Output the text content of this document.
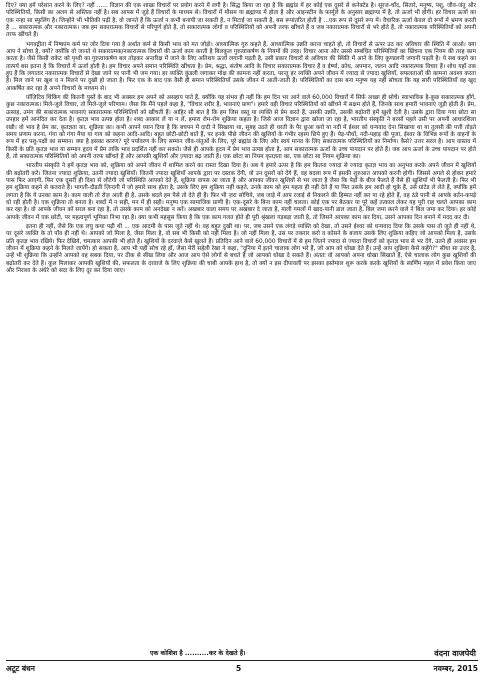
दिए? क्या हमें परेशान करने के लिए? नहीं ...... विज्ञान की एक शाखा विचारों पर प्रयोग करने में लगी है। सिद्ध किया जा रहा है कि ब्रह्मांड में हर कोई एक दूसरे से कनेक्टेड है। सूरज-चाँद, सितारे, मनुष्य, पशु, जीव-जंतु और परिस्थितियों, किसी का अलग से अस्तित्व नहीं है। सब आपस में जुड़े हैं विचारों के माध्यम से। विचारों में मौसम या ब्रह्माण्ड में होता है और आइन्स्टीन के फार्मूले के अनुसार ब्रह्माण्ड में है, तो ऊर्जा भी होगी। हर विचार ऊर्जा का एक नन्हा सा स्फुलिंग है। जिन्होंने भी भौतिकी पढ़ी है, वो जानते हैं कि ऊर्जा न कभी बनायी जा सकती है, न मिटाई जा सकती है, बस रूपांतरित होती है ...एक रूप से दूसरे रूप में। वैचारिक ऊर्जा केवल दो रूपों में भ्रमण करती है ... सकारात्मक और नकारात्मक। जब हम सकारात्मक विचारों से परिपूर्ण होते हैं, तो सकारात्मक लोगों व परिस्थितियों को अपनी तरफ खींचते हैं व जब नकारात्मक विचारों से भरे होते हैं, तो नकारात्मक परिस्थितियों को अपनी तरफ खींचते हैं।

भगवद्गीता में निष्काम कर्म पर जोर दिया गया है अर्थात कर्म से किसी भाव को मत जोड़ो। आध्यात्मिक गुरु कहते हैं, आध्यात्मिक उन्नति करना चाहते हो, तो विचारों से ऊपर उठ कर अविचार की स्थिति में आओ। क्या आप ने सोचा है, क्यों? क्योंकि वो जानते थे सकारात्मक/नकारात्मक विचारों की ऊर्जा काम करती है बिलकुल गुरुत्वाकर्षण के नियमों की तरह। विचार आना और उससे सम्बंधित परिस्थितियों का खिंचना एक नियम की तरह काम करता है। जैसे किसी राकेट को पृथ्वी का गुरुत्वाकर्षण बल तोड़कर अन्तरिक्ष में जाने के लिए अतिशय ऊर्जा लगानी पड़ती है, उसी प्रकार विचारों से अविचार की स्थिति में आने के लिए कुण्डलनी जगानी पड़ती है। ये सब कहने का तात्पर्य बस इतना है कि विचारों में ऊर्जा होती है। हम विचार अपने समान परिस्थिति खींचता है। प्रेम, श्रद्धा, संतोष आदि के विचार सकारात्मक विचार हैं व ईर्ष्या, क्रोध, अपमान, जलन आदि नकारात्मक विचार हैं। शोध यहाँ तक हुए हैं कि लगातार नकारात्मक विचारों से देखा जाने पर पानी भी जम गया। हर व्यक्ति कुंडली जगाकर मोक्ष की कामना नहीं करता, परन्तु हर व्यक्ति अपने जीवन में ज्यादा से ज्यादा खुशियाँ, सफलताओं की कामना अवश्य करता है। मिल जाने पर खुश व न मिलने पर दुखी हो जाता है। फिर एक के बाद एक वैसी ही समान परिस्थितियाँ उसके जीवन में आती-जाती हैं। परिस्थितियों का दास बना मनुष्य यह नहीं सोचता कि यह सारी परिस्थितियाँ वह खुद आकर्षित कर रहा है अपने विचारों के माध्यम से।

पॉज़िटिव थिंकिंग की कितनी पुस्तें के बाद भी अक्सर हम अपने को असहाय पाते हैं, क्योंकि यह संभव ही नहीं कि हम दिन भर आने वाले 60,000 विचारों में सिर्फ अच्छा ही सोचें। स्वाभाविक है-कुछ सकारात्मक होंगे, कुछ नकारात्मक। मिले-जुले विचार, तो मिले-जुले परिणाम। जैसा कि मैंने पहले कहा है, "विचार शरीर हैं, भावनाएं प्राण"। हमारे वही विचार परिस्थितियों को खींचने में सक्षम होते हैं, जिनके साथ हमारी भावनाएं जुड़ी होती हैं। प्रेम, उत्साह, उमंग की सकारात्मक भावनाएं सकारात्मक परिस्थितियों को खींचती हैं। आहिर सी बात है कि हम जिस वस्तु या व्यक्ति से प्रेम करते हैं, उसकी उन्नति, उसकी बढ़ोतरी हमें खुशी देती है। उसके द्वारा दिया गया छोटा सा उपहार हमें आनंदित कर देता है। कृतज्ञ भाव उत्पन्न होता है। शब्द आकार लें या न लें, हमारा रोम-रोम शुक्रिया कहता है। जिसे आज विज्ञान द्वारा खोजा जा रहा है, भारतीय संस्कृति ने बरसों पहले उसी पर अपनी आधारशिला रखी। वो भाव है प्रेम का, कृतज्ञता का, शुक्रिया का। कभी आपने ध्यान दिया है कि बचपन में दादी ने सिखाया था, सुबह उठते ही धरती के पैर छूआ करो या नदी में ईश्वर को धन्यवाद देना सिखाया था या तुलसी की पत्ती तोड़ते समय प्रणाम करना, गंगा को गंगा मैया या गाय को कहना आदि-आदि। बहुत छोटी-छोटी बातें हैं, पर इनके पीछे जीवन की खुशियों के गंभीर रहस्य छिपे हुए हैं। पेड़-पौधों, नदी-पहाड़ की पूजा, ईश्वर के विभिन्न रूपों के वाहनों के रूप में हर पशु-पक्षी का सम्मान। क्या है इसका कारण? पूरे पर्यावरण के लिए सम्मान जीव-जंतुओं के लिए, पूरे ब्रह्मांड के लिए और स्वयं मानव के लिए सकारात्मक परिस्थितियों का निर्माण। कैसे? उत्तर सरल है। आप वास्तव में किसी के प्रति कृतज्ञ भाव या सम्मान हृदय में प्रेम ताकि भाव प्रदर्शित नहीं कर सकते। जैसे ही आपके हृदय में प्रेम भाव उत्पन्न होता है, आप सकारात्मक ऊर्जा के उच्च पायदान पर होते हैं। जब आप ऊर्जा के उच्च पायदान पर होते हैं, तो सकारात्मक परिस्थितियों को अपनी तरफ खींचते हैं और आपकी खुशियाँ और ज़्यादा बढ़ जाती हैं। एक छोटा सा नियम कृतज्ञता का, एक छोटा सा नियम शुक्रिया का।

भारतीय संस्कृति ने हमें कृतज्ञ भाव को, शुक्रिया को अपने जीवन में शामिल करने का रास्ता दिखा दिया है। अब ये हमारे ऊपर है कि हम कितना ज्यादा से ज्यादा कृतज्ञ भाव का अनुभव करके अपने जीवन में खुशियों की बढ़ोतरी करें। जितना ज्यादा शुक्रिया, उतनी ज्यादा खुशियाँ। जितनी ज्यादा खुशियाँ आपके द्वारा पर दस्तक देंगी, वो उन दूसरों को देंगे हैं, वह बदला रूप में इसकी शुरुआत आपको करनी होगी। जिससे अगले से होकर हमारे पास फिर आएगी, फिर एक दूसरी ही दिशा से लौटेगी जो परिस्थिति आपको देते हैं, शुक्रिया वापस आ जाता है और आपका जीवन खुशियों से भर जाता है जैसा कि पेड़ों के बीज फैलते हैं वैसे ही खुशियाँ भी फैलती हैं। फिर भी हम शुक्रिया कहने से कतराते हैं। भागती-दौड़ती ज़िन्दगी में जो हमारे साथ होता है, उसके लिए हम शुक्रिया नहीं कहते, उनके काम को हम महत्व ही नहीं देते हैं या फिर उसके हम आदी हो चुके हैं, उसे ग्रांटेड ले लेते हैं, क्योंकि हमें लगता है कि ये उनका काम है। काम वाली तो रोज़ आती ही है, उसके बदले हम पैसे तो देते ही हैं। फिर भी ज़रा सोचिये, जब जाड़े में आप रजाई से निकलने की हिम्मत नहीं कर पा रहे होते हैं, वह ठंडे पानी से आपके बर्तन-कपड़े धो रही होती है। एक शुक्रिया तो बनता है। शब्दों में न सही, मन में ही सही। मनुष्य एक सामाजिक प्राणी है। एक-दूसरे के बिना काम नहीं चलता। कोई एक पर बैठकर या पूरे कहें तत्काल लेकर यह पूरी राह चलते आपका काम कर रहा है। वो आपके जीवन को सरल बना रहा है, तो उसके काम को अनदेखा न करें। अखबार वाला समय पर अखबार दे जाता है, माली गमलों में खाद-पानी डाल जाता है, बिल जमा करने वाले ने बिल जमा कर दिया। हर कोई आपके जीवन में एक छोटी, पर महत्वपूर्ण भूमिका निभा रहा है। क्या कभी महसूस किया है कि एक काम गलत होते ही पूरी श्रृंखला गड़बड़ा जाती है, तो जिसने आपका काम कर दिया, उसने आपका दिन बनाने में मदद कर दी।

इतना ही नहीं, जैसे कि एक लघु कथा पढ़ी थी ... एक आदमी के पास जूते नहीं थे। वह बहुत दुखी था। पर, जब उसने एक लंगड़े व्यक्ति को देखा, तो उसने ईश्वर को धन्यवाद दिया कि उसके पास तो जूते ही नहीं थे, पर दूसरे व्यक्ति के तो पाँव ही नहीं थे। आपको जो मिला है, जैसा मिला है, वो सब भी किसी को नहीं मिला है। जो नहीं मिला है, उस पर तकरार करो व कोसने के बजाय उसके लिए शुक्रिया कहिए जो आपको मिला है, उसके प्रति कृतज्ञ भाव रखिये। फिर देखिये, चमत्कार आपकी भी होते हैं। खुशियों के दरवाज़े कैसे खुलते हैं। प्रतिदिन आने वाले 60,000 विचारों में से हम जितने ज्यादा से ज्यादा विचारों को कृतज्ञ भाव से भर देंगे, उतने ही अवसर हम जीवन में शुक्रिया कहने के मिलते जायेंगे। हो सकता है, आप भी यही सोच रहे हों, जैसा मेरी सहेली रेखा ने कहा, "दुनिया में इतने चालाक लोग भरे हैं, जो आप को धोखा देते हैं। उन्हें आप शुक्रिया कैसे कहेंगे?" सीधा सा उत्तर है, उन्हें भी शुक्रिया कि उन्होंने आपको वह सबक दिया, पर ठीक से सीख लिया और आज आप ऐसे लोगों से बचते हैं जो आपको धोखा दे सकते हैं। अंततः वो आपको अपना धोखा सिखाते हैं, ऐसे चालाक लोग कुछ खुशियों की बढ़ोतरी कर देते हैं। कुल मिलाकर आपकी खुशियों की, सफलता के दरवाजे के लिए शुक्रिया की चाबी आपके हाथ है, तो क्यों न इस दीपावली पर इसका इस्तेमाल शुरू करके करके खुशियों के स्वर्णिम महल में प्रवेश किया जाए और निराशा के अंधेरे को सदा के लिए दूर कर दिया जाए।

एक कोशिश है ..........कर के देखते हैं।	वंदना वाजपेयी
अटूट बंधन	5	नवम्बर, 2015
